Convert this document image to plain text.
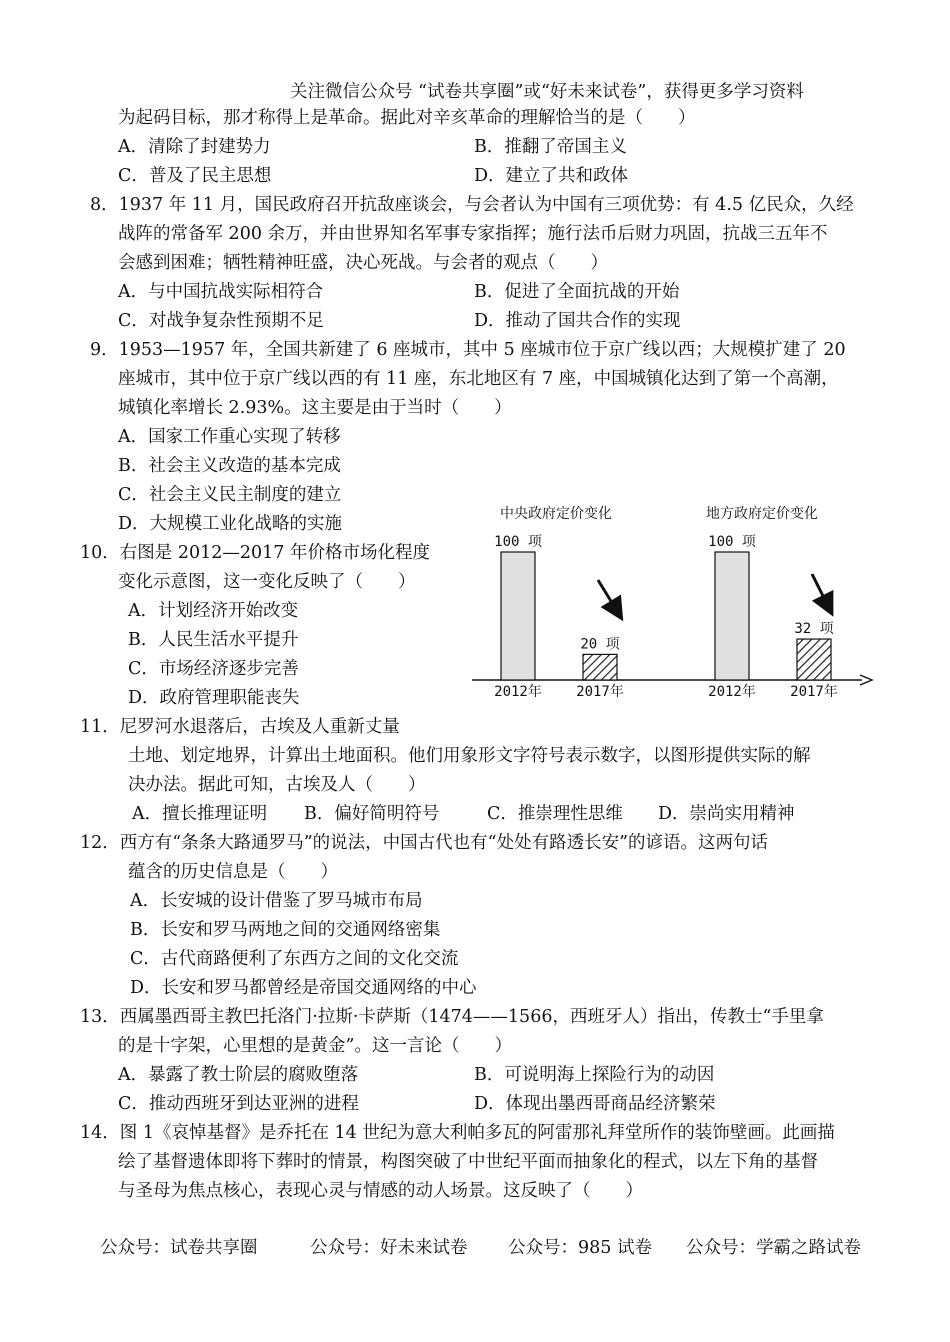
关注微信公众号 “试卷共享圈”或“好未来试卷”，获得更多学习资料
为起码目标，那才称得上是革命。据此对辛亥革命的理解恰当的是（　　）
A．清除了封建势力	B．推翻了帝国主义
C．普及了民主思想	D．建立了共和政体
8．1937 年 11 月，国民政府召开抗敌座谈会，与会者认为中国有三项优势：有 4.5 亿民众，久经
战阵的常备军 200 余万，并由世界知名军事专家指挥；施行法币后财力巩固，抗战三五年不
会感到困难；牺牲精神旺盛，决心死战。与会者的观点（　　）
A．与中国抗战实际相符合	B．促进了全面抗战的开始
C．对战争复杂性预期不足	D．推动了国共合作的实现
9．1953—1957 年，全国共新建了 6 座城市，其中 5 座城市位于京广线以西；大规模扩建了 20
座城市，其中位于京广线以西的有 11 座，东北地区有 7 座，中国城镇化达到了第一个高潮，
城镇化率增长 2.93%。这主要是由于当时（　　）
A．国家工作重心实现了转移
B．社会主义改造的基本完成
C．社会主义民主制度的建立
D．大规模工业化战略的实施
10．右图是 2012—2017 年价格市场化程度
变化示意图，这一变化反映了（　　）
A．计划经济开始改变
B．人民生活水平提升
C．市场经济逐步完善
D．政府管理职能丧失
中央政府定价变化
100 项
20 项
2012年 2017年
地方政府定价变化
100 项
32 项
2012年 2017年
11．尼罗河水退落后，古埃及人重新丈量
土地、划定地界，计算出土地面积。他们用象形文字符号表示数字，以图形提供实际的解
决办法。据此可知，古埃及人（　　）
A．擅长推理证明 B．偏好简明符号	C．推崇理性思维 D．崇尚实用精神
12．西方有“条条大路通罗马”的说法，中国古代也有“处处有路透长安”的谚语。这两句话
蕴含的历史信息是（　　）
A．长安城的设计借鉴了罗马城市布局
B．长安和罗马两地之间的交通网络密集
C．古代商路便利了东西方之间的文化交流
D．长安和罗马都曾经是帝国交通网络的中心
13．西属墨西哥主教巴托洛门·拉斯·卡萨斯（1474——1566，西班牙人）指出，传教士“手里拿
的是十字架，心里想的是黄金”。这一言论（　　）
A．暴露了教士阶层的腐败堕落	B．可说明海上探险行为的动因
C．推动西班牙到达亚洲的进程	D．体现出墨西哥商品经济繁荣
14．图 1《哀悼基督》是乔托在 14 世纪为意大利帕多瓦的阿雷那礼拜堂所作的装饰壁画。此画描
绘了基督遗体即将下葬时的情景，构图突破了中世纪平面而抽象化的程式，以左下角的基督
与圣母为焦点核心，表现心灵与情感的动人场景。这反映了（　　）
公众号：试卷共享圈	公众号：好未来试卷 公众号：985 试卷 公众号：学霸之路试卷
